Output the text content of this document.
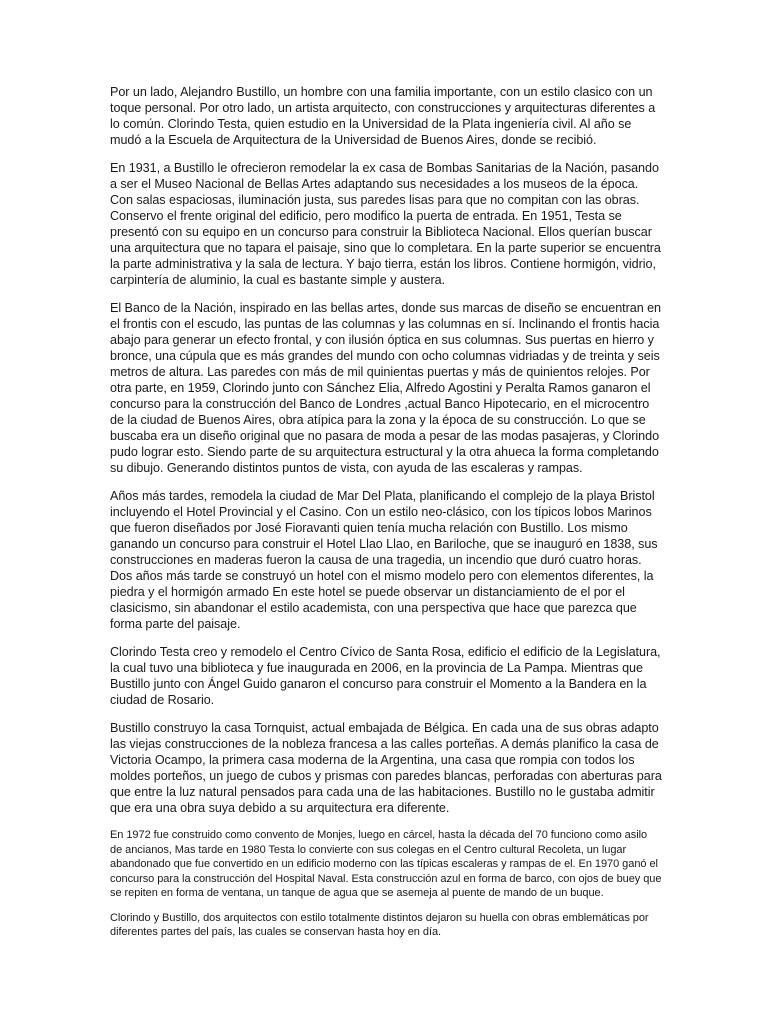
Por un lado, Alejandro Bustillo, un hombre con una familia importante, con un estilo clasico con un toque personal. Por otro lado, un artista arquitecto, con construcciones y arquitecturas diferentes a lo común. Clorindo Testa, quien estudio en la Universidad de la Plata ingeniería civil. Al año se mudó a la Escuela de Arquitectura de la Universidad de Buenos Aires, donde se recibió.

En 1931, a Bustillo le ofrecieron remodelar la ex casa de Bombas Sanitarias de la Nación, pasando a ser el Museo Nacional de Bellas Artes adaptando sus necesidades a los museos de la época. Con salas espaciosas, iluminación justa, sus paredes lisas para que no compitan con las obras. Conservo el frente original del edificio, pero modifico la puerta de entrada. En 1951, Testa se presentó con su equipo en un concurso para construir la Biblioteca Nacional. Ellos querían buscar una arquitectura que no tapara el paisaje, sino que lo completara. En la parte superior se encuentra la parte administrativa y la sala de lectura. Y bajo tierra, están los libros. Contiene hormigón, vidrio, carpintería de aluminio, la cual es bastante simple y austera.

El Banco de la Nación, inspirado en las bellas artes, donde sus marcas de diseño se encuentran en el frontis con el escudo, las puntas de las columnas y las columnas en sí. Inclinando el frontis hacia abajo para generar un efecto frontal, y con ilusión óptica en sus columnas. Sus puertas en hierro y bronce, una cúpula que es más grandes del mundo con ocho columnas vidriadas y de treinta y seis metros de altura. Las paredes con más de mil quinientas puertas y más de quinientos relojes. Por otra parte, en 1959, Clorindo junto con Sánchez Elia, Alfredo Agostini y Peralta Ramos ganaron el concurso para la construcción del Banco de Londres ,actual Banco Hipotecario, en el microcentro de la ciudad de Buenos Aires, obra atípica para la zona y la época de su construcción. Lo que se buscaba era un diseño original que no pasara de moda a pesar de las modas pasajeras, y Clorindo pudo lograr esto. Siendo parte de su arquitectura estructural y la otra ahueca la forma completando su dibujo. Generando distintos puntos de vista, con ayuda de las escaleras y rampas.

Años más tardes, remodela la ciudad de Mar Del Plata, planificando el complejo de la playa Bristol incluyendo el Hotel Provincial y el Casino. Con un estilo neo-clásico, con los típicos lobos Marinos que fueron diseñados por José Fioravanti quien tenía mucha relación con Bustillo. Los mismo ganando un concurso para construir el Hotel Llao Llao, en Bariloche, que se inauguró en 1838, sus construcciones en maderas fueron la causa de una tragedia, un incendio que duró cuatro horas. Dos años más tarde se construyó un hotel con el mismo modelo pero con elementos diferentes, la piedra y el hormigón armado En este hotel se puede observar un distanciamiento de el por el clasicismo, sin abandonar el estilo academista, con una perspectiva que hace que parezca que forma parte del paisaje.

Clorindo Testa creo y remodelo el Centro Cívico de Santa Rosa, edificio el edificio de la Legislatura, la cual tuvo una biblioteca y fue inaugurada en 2006, en la provincia de La Pampa. Mientras que Bustillo junto con Ángel Guido ganaron el concurso para construir el Momento a la Bandera en la ciudad de Rosario.

Bustillo construyo la casa Tornquist, actual embajada de Bélgica. En cada una de sus obras adapto las viejas construcciones de la nobleza francesa a las calles porteñas. A demás planifico la casa de Victoria Ocampo, la primera casa moderna de la Argentina, una casa que rompia con todos los moldes porteños, un juego de cubos y prismas con paredes blancas, perforadas con aberturas para que entre la luz natural pensados para cada una de las habitaciones. Bustillo no le gustaba admitir que era una obra suya debido a su arquitectura era diferente.

En 1972 fue construido como convento de Monjes, luego en cárcel, hasta la década del 70 funciono como asilo de ancianos, Mas tarde en 1980 Testa lo convierte con sus colegas en el Centro cultural Recoleta, un lugar abandonado que fue convertido en un edificio moderno con las típicas escaleras y rampas de el. En 1970 ganó el concurso para la construcción del Hospital Naval. Esta construcción azul en forma de barco, con ojos de buey que se repiten en forma de ventana, un tanque de agua que se asemeja al puente de mando de un buque.

Clorindo y Bustillo, dos arquitectos con estilo totalmente distintos dejaron su huella con obras emblemáticas por diferentes partes del país, las cuales se conservan hasta hoy en día.
